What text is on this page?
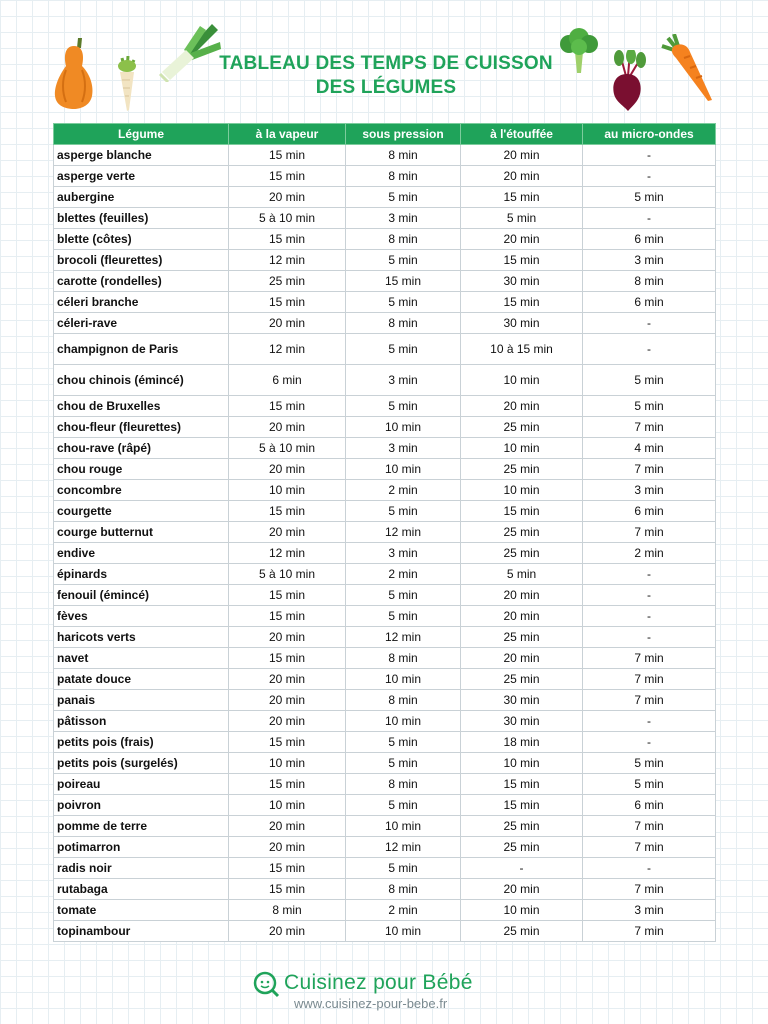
TABLEAU DES TEMPS DE CUISSON
DES LÉGUMES
Légume	à la vapeur	sous pression	à l'étouffée	au micro-ondes
asperge blanche	15 min	8 min	20 min	-
asperge verte	15 min	8 min	20 min	-
aubergine	20 min	5 min	15 min	5 min
blettes (feuilles)	5 à 10 min	3 min	5 min	-
blette (côtes)	15 min	8 min	20 min	6 min
brocoli (fleurettes)	12 min	5 min	15 min	3 min
carotte (rondelles)	25 min	15 min	30 min	8 min
céleri branche	15 min	5 min	15 min	6 min
céleri-rave	20 min	8 min	30 min	-
champignon de Paris	12 min	5 min	10 à 15 min	-
chou chinois (émincé)	6 min	3 min	10 min	5 min
chou de Bruxelles	15 min	5 min	20 min	5 min
chou-fleur (fleurettes)	20 min	10 min	25 min	7 min
chou-rave (râpé)	5 à 10 min	3 min	10 min	4 min
chou rouge	20 min	10 min	25 min	7 min
concombre	10 min	2 min	10 min	3 min
courgette	15 min	5 min	15 min	6 min
courge butternut	20 min	12 min	25 min	7 min
endive	12 min	3 min	25 min	2 min
épinards	5 à 10 min	2 min	5 min	-
fenouil (émincé)	15 min	5 min	20 min	-
fèves	15 min	5 min	20 min	-
haricots verts	20 min	12 min	25 min	-
navet	15 min	8 min	20 min	7 min
patate douce	20 min	10 min	25 min	7 min
panais	20 min	8 min	30 min	7 min
pâtisson	20 min	10 min	30 min	-
petits pois (frais)	15 min	5 min	18 min	-
petits pois (surgelés)	10 min	5 min	10 min	5 min
poireau	15 min	8 min	15 min	5 min
poivron	10 min	5 min	15 min	6 min
pomme de terre	20 min	10 min	25 min	7 min
potimarron	20 min	12 min	25 min	7 min
radis noir	15 min	5 min	-	-
rutabaga	15 min	8 min	20 min	7 min
tomate	8 min	2 min	10 min	3 min
topinambour	20 min	10 min	25 min	7 min
Cuisinez pour Bébé
www.cuisinez-pour-bebe.fr
